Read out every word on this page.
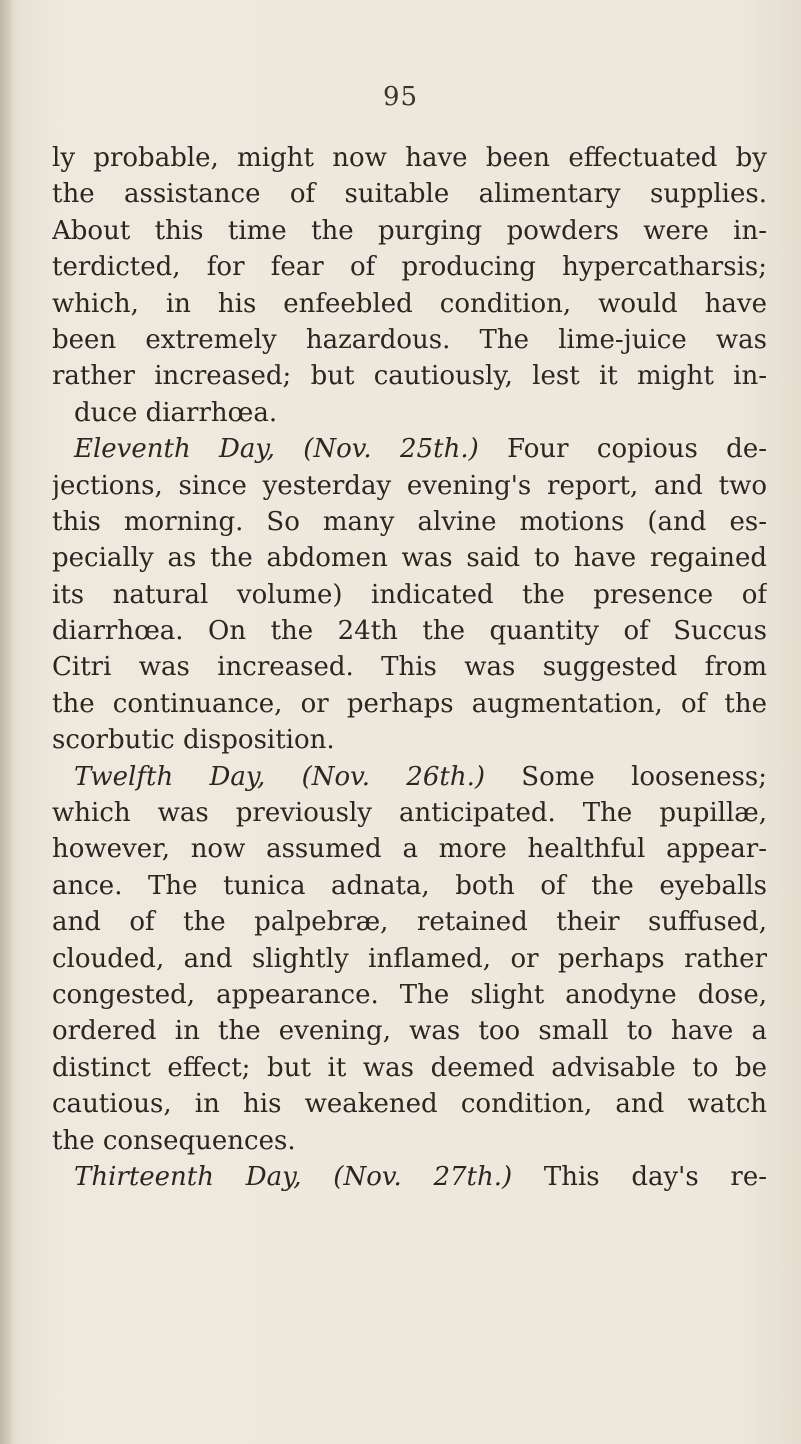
95
ly probable, might now have been effectuated by
the assistance of suitable alimentary supplies.
About this time the purging powders were in-
terdicted, for fear of producing hypercatharsis;
which, in his enfeebled condition, would have
been extremely hazardous. The lime-juice was
rather increased; but cautiously, lest it might in-
duce diarrhœa.
Eleventh Day, (Nov. 25th.) Four copious de-
jections, since yesterday evening's report, and two
this morning. So many alvine motions (and es-
pecially as the abdomen was said to have regained
its natural volume) indicated the presence of
diarrhœa. On the 24th the quantity of Succus
Citri was increased. This was suggested from
the continuance, or perhaps augmentation, of the
scorbutic disposition.
Twelfth Day, (Nov. 26th.) Some looseness;
which was previously anticipated. The pupillæ,
however, now assumed a more healthful appear-
ance. The tunica adnata, both of the eyeballs
and of the palpebræ, retained their suffused,
clouded, and slightly inflamed, or perhaps rather
congested, appearance. The slight anodyne dose,
ordered in the evening, was too small to have a
distinct effect; but it was deemed advisable to be
cautious, in his weakened condition, and watch
the consequences.
Thirteenth Day, (Nov. 27th.) This day's re-
